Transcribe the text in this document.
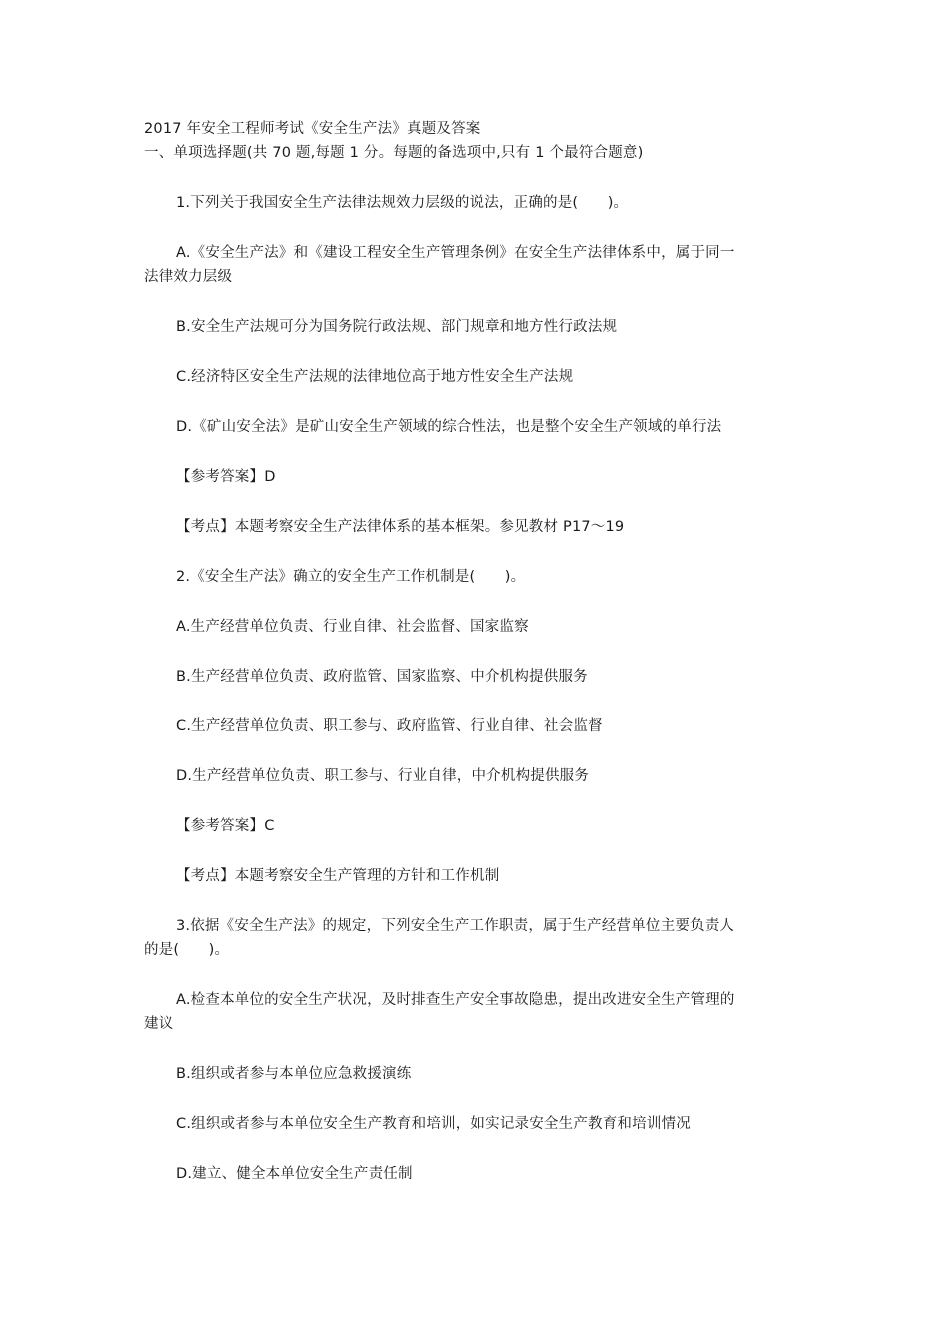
2017 年安全工程师考试《安全生产法》真题及答案
一、单项选择题(共 70 题,每题 1 分。每题的备选项中,只有 1 个最符合题意)
1.下列关于我国安全生产法律法规效力层级的说法，正确的是(　　)。
A.《安全生产法》和《建设工程安全生产管理条例》在安全生产法律体系中，属于同一
法律效力层级
B.安全生产法规可分为国务院行政法规、部门规章和地方性行政法规
C.经济特区安全生产法规的法律地位高于地方性安全生产法规
D.《矿山安全法》是矿山安全生产领域的综合性法，也是整个安全生产领域的单行法
【参考答案】D
【考点】本题考察安全生产法律体系的基本框架。参见教材 P17～19
2.《安全生产法》确立的安全生产工作机制是(　　)。
A.生产经营单位负责、行业自律、社会监督、国家监察
B.生产经营单位负责、政府监管、国家监察、中介机构提供服务
C.生产经营单位负责、职工参与、政府监管、行业自律、社会监督
D.生产经营单位负责、职工参与、行业自律，中介机构提供服务
【参考答案】C
【考点】本题考察安全生产管理的方针和工作机制
3.依据《安全生产法》的规定，下列安全生产工作职责，属于生产经营单位主要负责人
的是(　　)。
A.检查本单位的安全生产状况，及时排查生产安全事故隐患，提出改进安全生产管理的
建议
B.组织或者参与本单位应急救援演练
C.组织或者参与本单位安全生产教育和培训，如实记录安全生产教育和培训情况
D.建立、健全本单位安全生产责任制
